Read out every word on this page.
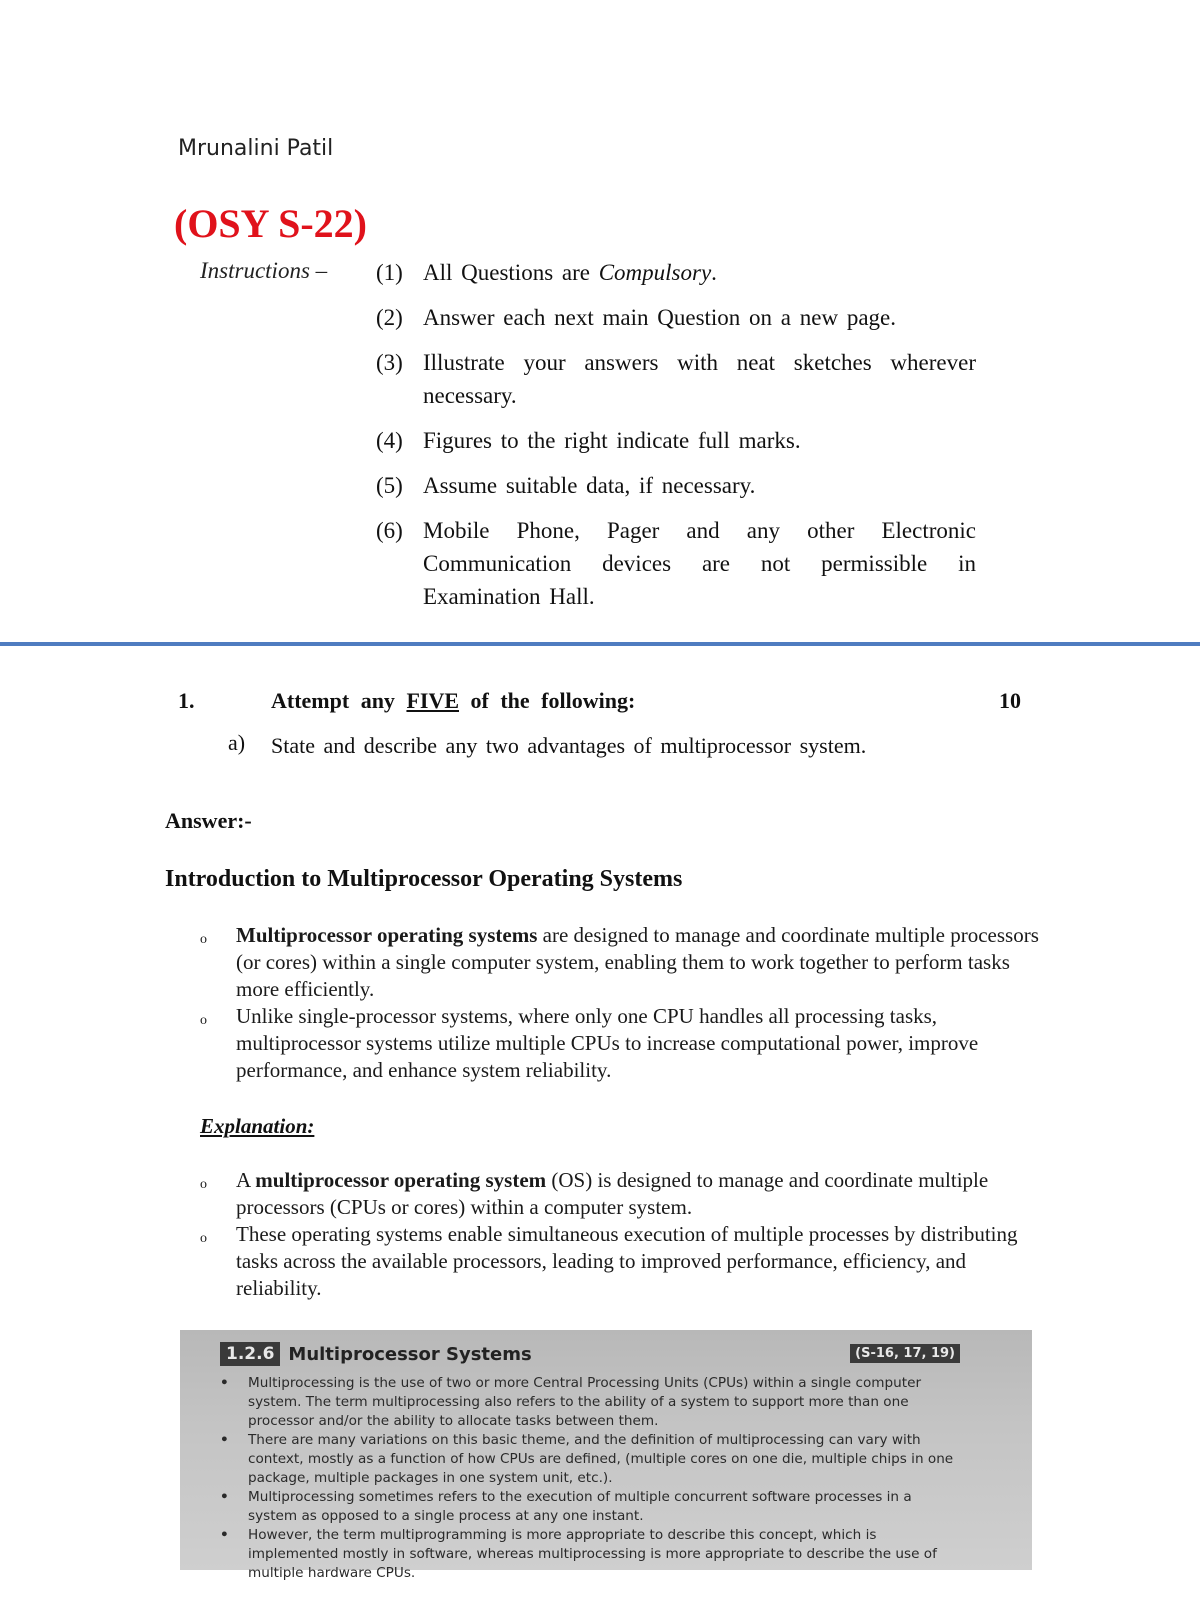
Mrunalini Patil
(OSY S-22)
Instructions – (1) All Questions are Compulsory.
(2) Answer each next main Question on a new page.
(3) Illustrate your answers with neat sketches wherever necessary.
(4) Figures to the right indicate full marks.
(5) Assume suitable data, if necessary.
(6) Mobile Phone, Pager and any other Electronic Communication devices are not permissible in Examination Hall.
1.	Attempt any FIVE of the following:	10
a) State and describe any two advantages of multiprocessor system.
Answer:-
Introduction to Multiprocessor Operating Systems
o	Multiprocessor operating systems are designed to manage and coordinate multiple processors (or cores) within a single computer system, enabling them to work together to perform tasks more efficiently.
o	Unlike single-processor systems, where only one CPU handles all processing tasks, multiprocessor systems utilize multiple CPUs to increase computational power, improve performance, and enhance system reliability.
Explanation:
o	A multiprocessor operating system (OS) is designed to manage and coordinate multiple processors (CPUs or cores) within a computer system.
o	These operating systems enable simultaneous execution of multiple processes by distributing tasks across the available processors, leading to improved performance, efficiency, and reliability.
1.2.6 Multiprocessor Systems	(S-16, 17, 19)
•	Multiprocessing is the use of two or more Central Processing Units (CPUs) within a single computer system. The term multiprocessing also refers to the ability of a system to support more than one processor and/or the ability to allocate tasks between them.
•	There are many variations on this basic theme, and the definition of multiprocessing can vary with context, mostly as a function of how CPUs are defined, (multiple cores on one die, multiple chips in one package, multiple packages in one system unit, etc.).
•	Multiprocessing sometimes refers to the execution of multiple concurrent software processes in a system as opposed to a single process at any one instant.
•	However, the term multiprogramming is more appropriate to describe this concept, which is implemented mostly in software, whereas multiprocessing is more appropriate to describe the use of multiple hardware CPUs.
